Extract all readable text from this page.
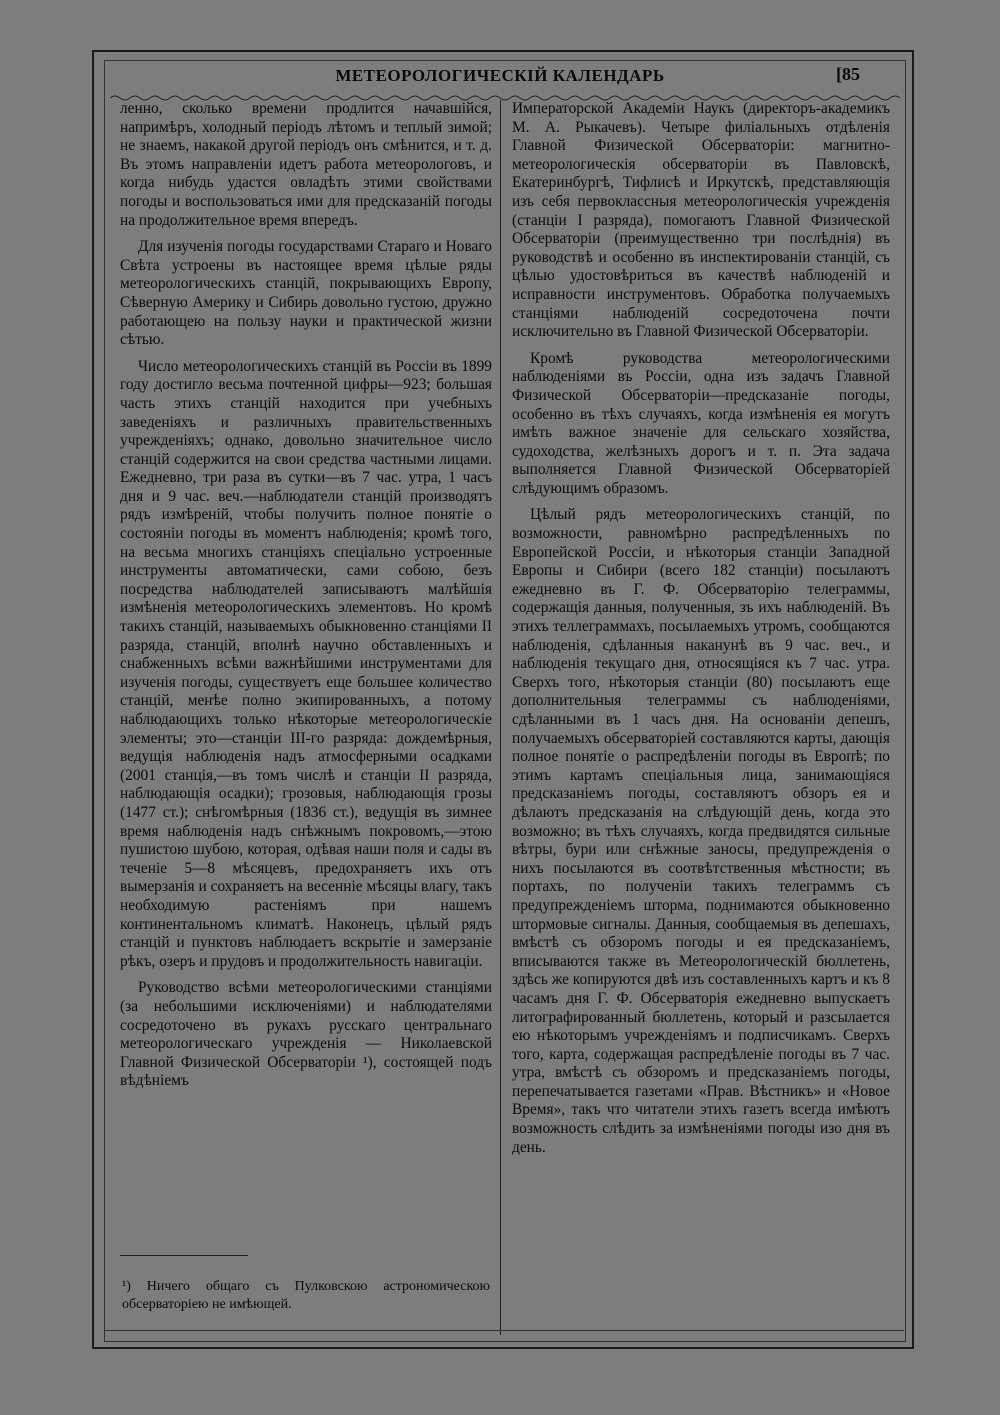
МЕТЕОРОЛОГИЧЕСКІЙ КАЛЕНДАРЬ	[85

ленно, сколько времени продлится начавшійся, напримѣръ, холодный періодъ лѣтомъ и теплый зимой; не знаемъ, накакой другой періодъ онъ смѣнится, и т. д. Въ этомъ направленіи идетъ работа метеорологовъ, и когда нибудь удастся овладѣть этими свойствами погоды и воспользоваться ими для предсказаній погоды на продолжительное время впередъ.

Для изученія погоды государствами Стараго и Новаго Свѣта устроены въ настоящее время цѣлые ряды метеорологическихъ станцій, покрывающихъ Европу, Сѣверную Америку и Сибирь довольно густою, дружно работающею на пользу науки и практической жизни сѣтью.

Число метеорологическихъ станцій въ Россіи въ 1899 году достигло весьма почтенной цифры—923; большая часть этихъ станцій находится при учебныхъ заведеніяхъ и различныхъ правительственныхъ учрежденіяхъ; однако, довольно значительное число станцій содержится на свои средства частными лицами. Ежедневно, три раза въ сутки—въ 7 час. утра, 1 часъ дня и 9 час. веч.—наблюдатели станцій производятъ рядъ измѣреній, чтобы получить полное понятіе о состояніи погоды въ моментъ наблюденія; кромѣ того, на весьма многихъ станціяхъ спеціально устроенные инструменты автоматически, сами собою, безъ посредства наблюдателей записываютъ малѣйшія измѣненія метеорологическихъ элементовъ. Но кромѣ такихъ станцій, называемыхъ обыкновенно станціями II разряда, станцій, вполнѣ научно обставленныхъ и снабженныхъ всѣми важнѣйшими инструментами для изученія погоды, существуетъ еще большее количество станцій, менѣе полно экипированныхъ, а потому наблюдающихъ только нѣкоторые метеорологическіе элементы; это—станціи III-го разряда: дождемѣрныя, ведущія наблюденія надъ атмосферными осадками (2001 станція,—въ томъ числѣ и станціи II разряда, наблюдающія осадки); грозовыя, наблюдающія грозы (1477 ст.); снѣгомѣрныя (1836 ст.), ведущія въ зимнее время наблюденія надъ снѣжнымъ покровомъ,—этою пушистою шубою, которая, одѣвая наши поля и сады въ теченіе 5—8 мѣсяцевъ, предохраняетъ ихъ отъ вымерзанія и сохраняетъ на весеннiе мѣсяцы влагу, такъ необходимую растеніямъ при нашемъ континентальномъ климатѣ. Наконецъ, цѣлый рядъ станцій и пунктовъ наблюдаетъ вскрытіе и замерзаніе рѣкъ, озеръ и прудовъ и продолжительность навигаціи.

Руководство всѣми метеорологическими станціями (за небольшими исключеніями) и наблюдателями сосредоточено въ рукахъ русскаго центральнаго метеорологическаго учрежденія — Николаевской Главной Физической Обсерваторіи ¹), состоящей подъ вѣдѣніемъ

Императорской Академіи Наукъ (директоръ-академикъ М. А. Рыкачевъ). Четыре филіальныхъ отдѣленія Главной Физической Обсерваторіи: магнитно-метеорологическія обсерваторіи въ Павловскѣ, Екатеринбургѣ, Тифлисѣ и Иркутскѣ, представляющія изъ себя первоклассныя метеорологическія учрежденія (станціи I разряда), помогаютъ Главной Физической Обсерваторіи (преимущественно три послѣднія) въ руководствѣ и особенно въ инспектированіи станцій, съ цѣлью удостовѣриться въ качествѣ наблюденій и исправности инструментовъ. Обработка получаемыхъ станціями наблюденій сосредоточена почти исключительно въ Главной Физической Обсерваторіи.

Кромѣ руководства метеорологическими наблюденіями въ Россіи, одна изъ задачъ Главной Физической Обсерваторіи—предсказаніе погоды, особенно въ тѣхъ случаяхъ, когда измѣненія ея могутъ имѣть важное значеніе для сельскаго хозяйства, судоходства, желѣзныхъ дорогъ и т. п. Эта задача выполняется Главной Физической Обсерваторіей слѣдующимъ образомъ.

Цѣлый рядъ метеорологическихъ станцій, по возможности, равномѣрно распредѣленныхъ по Европейской Россіи, и нѣкоторыя станціи Западной Европы и Сибири (всего 182 станціи) посылаютъ ежедневно въ Г. Ф. Обсерваторію телеграммы, содержащія данныя, полученныя, зъ ихъ наблюденій. Въ этихъ теллеграммахъ, посылаемыхъ утромъ, сообщаются наблюденія, сдѣланныя наканунѣ въ 9 час. веч., и наблюденія текущаго дня, относящіяся къ 7 час. утра. Сверхъ того, нѣкоторыя станціи (80) посылаютъ еще дополнительныя телеграммы съ наблюденіями, сдѣланными въ 1 часъ дня. На основаніи депешъ, получаемыхъ обсерваторіей составляются карты, дающія полное понятіе о распредѣленіи погоды въ Европѣ; по этимъ картамъ спеціальныя лица, занимающіяся предсказаніемъ погоды, составляютъ обзоръ ея и дѣлаютъ предсказанія на слѣдующій день, когда это возможно; въ тѣхъ случаяхъ, когда предвидятся сильные вѣтры, бури или снѣжные заносы, предупрежденія о нихъ посылаются въ соотвѣтственныя мѣстности; въ портахъ, по полученіи такихъ телеграммъ съ предупрежденіемъ шторма, поднимаются обыкновенно штормовые сигналы. Данныя, сообщаемыя въ депешахъ, вмѣстѣ съ обзоромъ погоды и ея предсказаніемъ, вписываются также въ Метеорологическій бюллетень, здѣсь же копируются двѣ изъ составленныхъ картъ и къ 8 часамъ дня Г. Ф. Обсерваторія ежедневно выпускаетъ литографированный бюллетень, который и разсылается ею нѣкоторымъ учрежденіямъ и подписчикамъ. Сверхъ того, карта, содержащая распредѣленіе погоды въ 7 час. утра, вмѣстѣ съ обзоромъ и предсказаніемъ погоды, перепечатывается газетами «Прав. Вѣстникъ» и «Новое Время», такъ что читатели этихъ газетъ всегда имѣютъ возможность слѣдить за измѣненіями погоды изо дня въ день.

¹) Ничего общаго съ Пулковскою астрономическою обсерваторіею не имѣющей.
